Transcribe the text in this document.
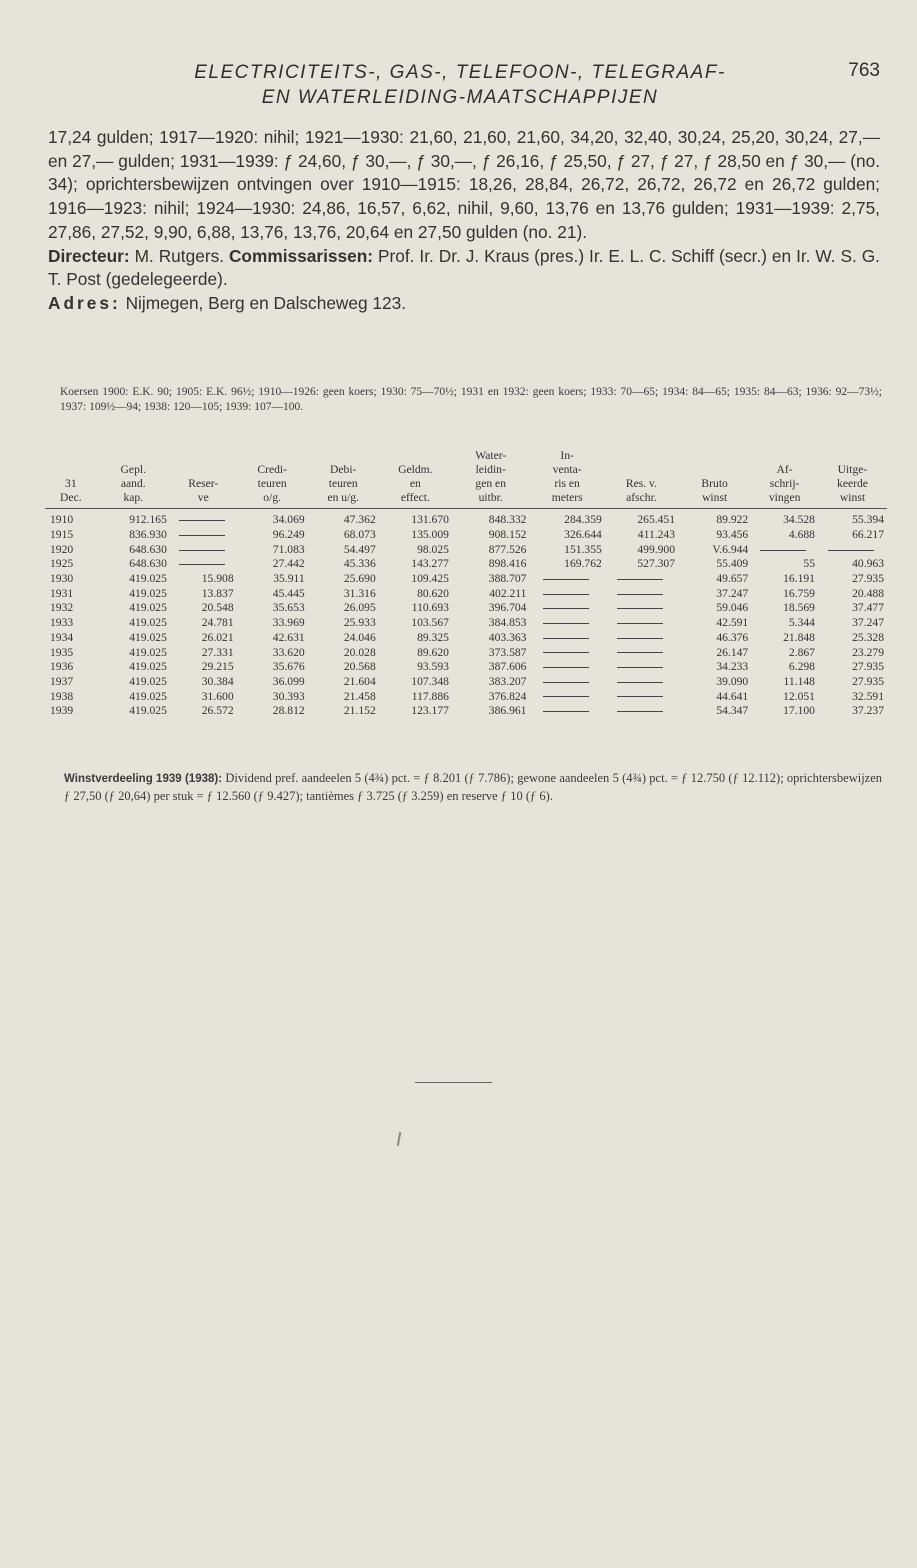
ELECTRICITEITS-, GAS-, TELEFOON-, TELEGRAAF-
EN WATERLEIDING-MAATSCHAPPIJEN
763

17,24 gulden; 1917—1920: nihil; 1921—1930: 21,60, 21,60, 21,60, 34,20, 32,40, 30,24, 25,20, 30,24, 27,— en 27,— gulden; 1931—1939: ƒ 24,60, ƒ 30,—, ƒ 30,—, ƒ 26,16, ƒ 25,50, ƒ 27, ƒ 27, ƒ 28,50 en ƒ 30,— (no. 34); oprichtersbewijzen ontvingen over 1910—1915: 18,26, 28,84, 26,72, 26,72, 26,72 en 26,72 gulden; 1916—1923: nihil; 1924—1930: 24,86, 16,57, 6,62, nihil, 9,60, 13,76 en 13,76 gulden; 1931—1939: 2,75, 27,86, 27,52, 9,90, 6,88, 13,76, 13,76, 20,64 en 27,50 gulden (no. 21).

Directeur: M. Rutgers. Commissarissen: Prof. Ir. Dr. J. Kraus (pres.) Ir. E. L. C. Schiff (secr.) en Ir. W. S. G. T. Post (gedelegeerde).

Adres: Nijmegen, Berg en Dalscheweg 123.

Koersen 1900: E.K. 90; 1905: E.K. 96½; 1910—1926: geen koers; 1930: 75—70½; 1931 en 1932: geen koers; 1933: 70—65; 1934: 84—65; 1935: 84—63; 1936: 92—73½; 1937: 109½—94; 1938: 120—105; 1939: 107—100.
31
Dec.	Gepl.
aand.
kap.	Reser-
ve	Credi-
teuren
o/g.	Debi-
teuren
en u/g.	Geldm.
en
effect.	Water-
leidin-
gen en
uitbr.	In-
venta-
ris en
meters	Res. v.
afschr.	Bruto
winst	Af-
schrij-
vingen	Uitge-
keerde
winst
1910	912.165		34.069	47.362	131.670	848.332	284.359	265.451	89.922	34.528	55.394
1915	836.930		96.249	68.073	135.009	908.152	326.644	411.243	93.456	4.688	66.217
1920	648.630		71.083	54.497	98.025	877.526	151.355	499.900	V.6.944		
1925	648.630		27.442	45.336	143.277	898.416	169.762	527.307	55.409	55	40.963
1930	419.025	15.908	35.911	25.690	109.425	388.707			49.657	16.191	27.935
1931	419.025	13.837	45.445	31.316	80.620	402.211			37.247	16.759	20.488
1932	419.025	20.548	35.653	26.095	110.693	396.704			59.046	18.569	37.477
1933	419.025	24.781	33.969	25.933	103.567	384.853			42.591	5.344	37.247
1934	419.025	26.021	42.631	24.046	89.325	403.363			46.376	21.848	25.328
1935	419.025	27.331	33.620	20.028	89.620	373.587			26.147	2.867	23.279
1936	419.025	29.215	35.676	20.568	93.593	387.606			34.233	6.298	27.935
1937	419.025	30.384	36.099	21.604	107.348	383.207			39.090	11.148	27.935
1938	419.025	31.600	30.393	21.458	117.886	376.824			44.641	12.051	32.591
1939	419.025	26.572	28.812	21.152	123.177	386.961			54.347	17.100	37.237
Winstverdeeling 1939 (1938): Dividend pref. aandeelen 5 (4¾) pct. = ƒ 8.201 (ƒ 7.786); gewone aandeelen 5 (4¾) pct. = ƒ 12.750 (ƒ 12.112); oprichtersbewijzen ƒ 27,50 (ƒ 20,64) per stuk = ƒ 12.560 (ƒ 9.427); tantièmes ƒ 3.725 (ƒ 3.259) en reserve ƒ 10 (ƒ 6).
